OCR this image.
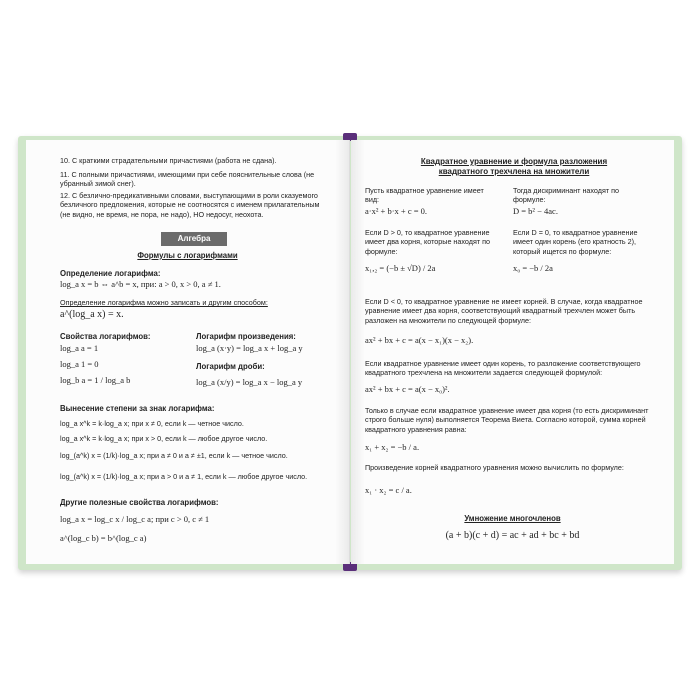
10. С краткими страдательными причастиями (работа не сдана).
11. С полными причастиями, имеющими при себе пояснительные слова (не убранный зимой снег).
12. С безлично-предикативными словами, выступающими в роли сказуемого безличного предложения, которые не соотносятся с именем прилагательным (не видно, не время, не пора, не надо), НО недосуг, неохота.
Алгебра
Формулы с логарифмами
Определение логарифма:
log_a x = b ⇔ a^b = x, при: a > 0, x > 0, a ≠ 1.
Определение логарифма можно записать и другим способом:
a^(log_a x) = x.
Свойства логарифмов:
log_a a = 1
log_a 1 = 0
log_b a = 1 / log_a b
Логарифм произведения:
log_a (x·y) = log_a x + log_a y
Логарифм дроби:
log_a (x/y) = log_a x − log_a y
Вынесение степени за знак логарифма:
log_a x^k = k·log_a x; при x ≠ 0, если k — четное число.
log_a x^k = k·log_a x; при x > 0, если k — любое другое число.
log_(a^k) x = (1/k)·log_a x; при a ≠ 0 и a ≠ ±1, если k — четное число.
log_(a^k) x = (1/k)·log_a x; при a > 0 и a ≠ 1, если k — любое другое число.
Другие полезные свойства логарифмов:
log_a x = log_c x / log_c a; при c > 0, c ≠ 1
a^(log_c b) = b^(log_c a)
Квадратное уравнение и формула разложения
квадратного трехчлена на множители
Пусть квадратное уравнение имеет вид:
a·x² + b·x + c = 0.
Тогда дискриминант находят по формуле:
D = b² − 4ac.
Если D > 0, то квадратное уравнение имеет два корня, которые находят по формуле:
x₁,₂ = (−b ± √D) / 2a
Если D = 0, то квадратное уравнение имеет один корень (его кратность 2), который ищется по формуле:
x₀ = −b / 2a
Если D < 0, то квадратное уравнение не имеет корней. В случае, когда квадратное уравнение имеет два корня, соответствующий квадратный трехчлен может быть разложен на множители по следующей формуле:
ax² + bx + c = a(x − x₁)(x − x₂).
Если квадратное уравнение имеет один корень, то разложение соответствующего квадратного трехчлена на множители задается следующей формулой:
ax² + bx + c = a(x − x₀)².
Только в случае если квадратное уравнение имеет два корня (то есть дискриминант строго больше нуля) выполняется Теорема Виета. Согласно которой, сумма корней квадратного уравнения равна:
x₁ + x₂ = −b / a.
Произведение корней квадратного уравнения можно вычислить по формуле:
x₁ · x₂ = c / a.
Умножение многочленов
(a + b)(c + d) = ac + ad + bc + bd
